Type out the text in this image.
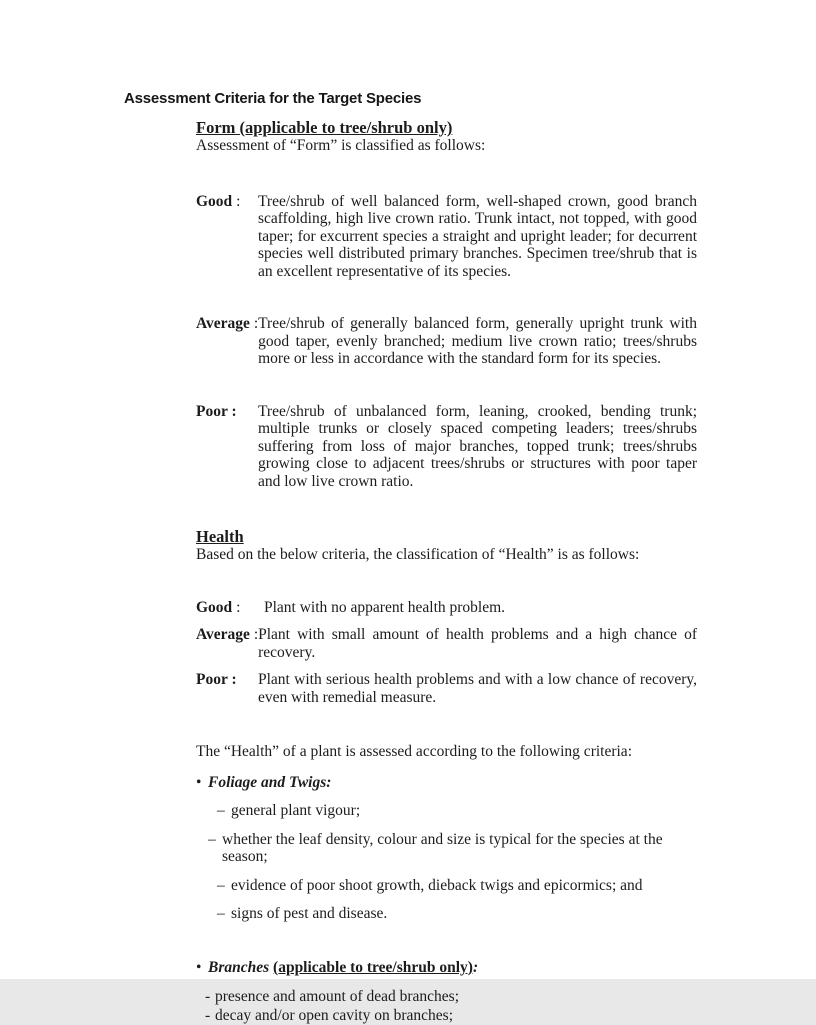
Assessment Criteria for the Target Species
Form (applicable to tree/shrub only)

Assessment of “Form” is classified as follows:

Good :	Tree/shrub of well balanced form, well-shaped crown, good branch scaffolding, high live crown ratio. Trunk intact, not topped, with good taper; for excurrent species a straight and upright leader; for decurrent species well distributed primary branches. Specimen tree/shrub that is an excellent representative of its species.
Average : Tree/shrub of generally balanced form, generally upright trunk with good taper, evenly branched; medium live crown ratio; trees/shrubs more or less in accordance with the standard form for its species.
Poor :	Tree/shrub of unbalanced form, leaning, crooked, bending trunk; multiple trunks or closely spaced competing leaders; trees/shrubs suffering from loss of major branches, topped trunk; trees/shrubs growing close to adjacent trees/shrubs or structures with poor taper and low live crown ratio.
Health

Based on the below criteria, the classification of “Health” is as follows:

Good :	Plant with no apparent health problem.
Average : Plant with small amount of health problems and a high chance of recovery.
Poor :	Plant with serious health problems and with a low chance of recovery, even with remedial measure.

The “Health” of a plant is assessed according to the following criteria:

• Foliage and Twigs:
– general plant vigour;
– whether the leaf density, colour and size is typical for the species at the season;
– evidence of poor shoot growth, dieback twigs and epicormics; and
– signs of pest and disease.
• Branches (applicable to tree/shrub only):
- presence and amount of dead branches;
- decay and/or open cavity on branches;
